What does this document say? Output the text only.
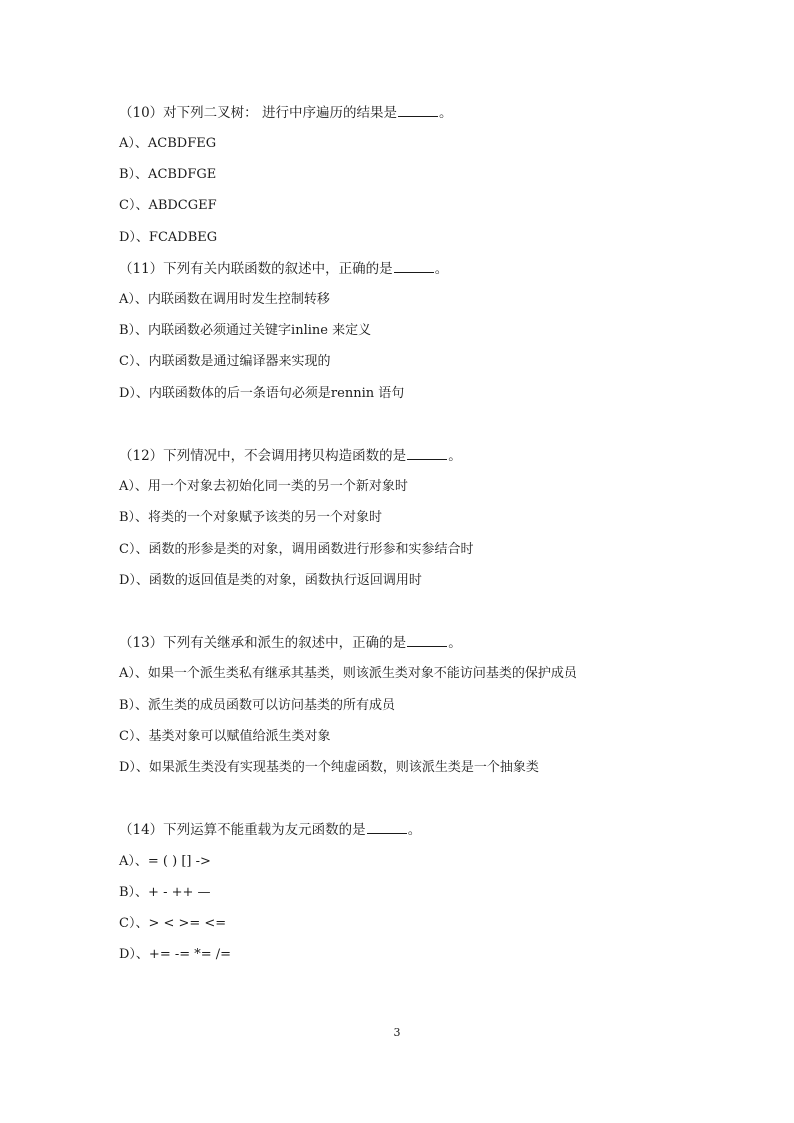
（10）对下列二叉树： 进行中序遍历的结果是	。
A）、ACBDFEG
B）、ACBDFGE
C）、ABDCGEF
D）、FCADBEG
（11）下列有关内联函数的叙述中，正确的是	。
A）、内联函数在调用时发生控制转移
B）、内联函数必须通过关键字inline 来定义
C）、内联函数是通过编译器来实现的
D）、内联函数体的后一条语句必须是rennin 语句
（12）下列情况中，不会调用拷贝构造函数的是	。
A）、用一个对象去初始化同一类的另一个新对象时
B）、将类的一个对象赋予该类的另一个对象时
C）、函数的形参是类的对象，调用函数进行形参和实参结合时
D）、函数的返回值是类的对象，函数执行返回调用时
（13）下列有关继承和派生的叙述中，正确的是	。
A）、如果一个派生类私有继承其基类，则该派生类对象不能访问基类的保护成员
B）、派生类的成员函数可以访问基类的所有成员
C）、基类对象可以赋值给派生类对象
D）、如果派生类没有实现基类的一个纯虚函数，则该派生类是一个抽象类
（14）下列运算不能重载为友元函数的是	。
A）、= ( ) [] ->
B）、+ - ++ —
C）、> < >= <=
D）、+= -= *= /=
3
